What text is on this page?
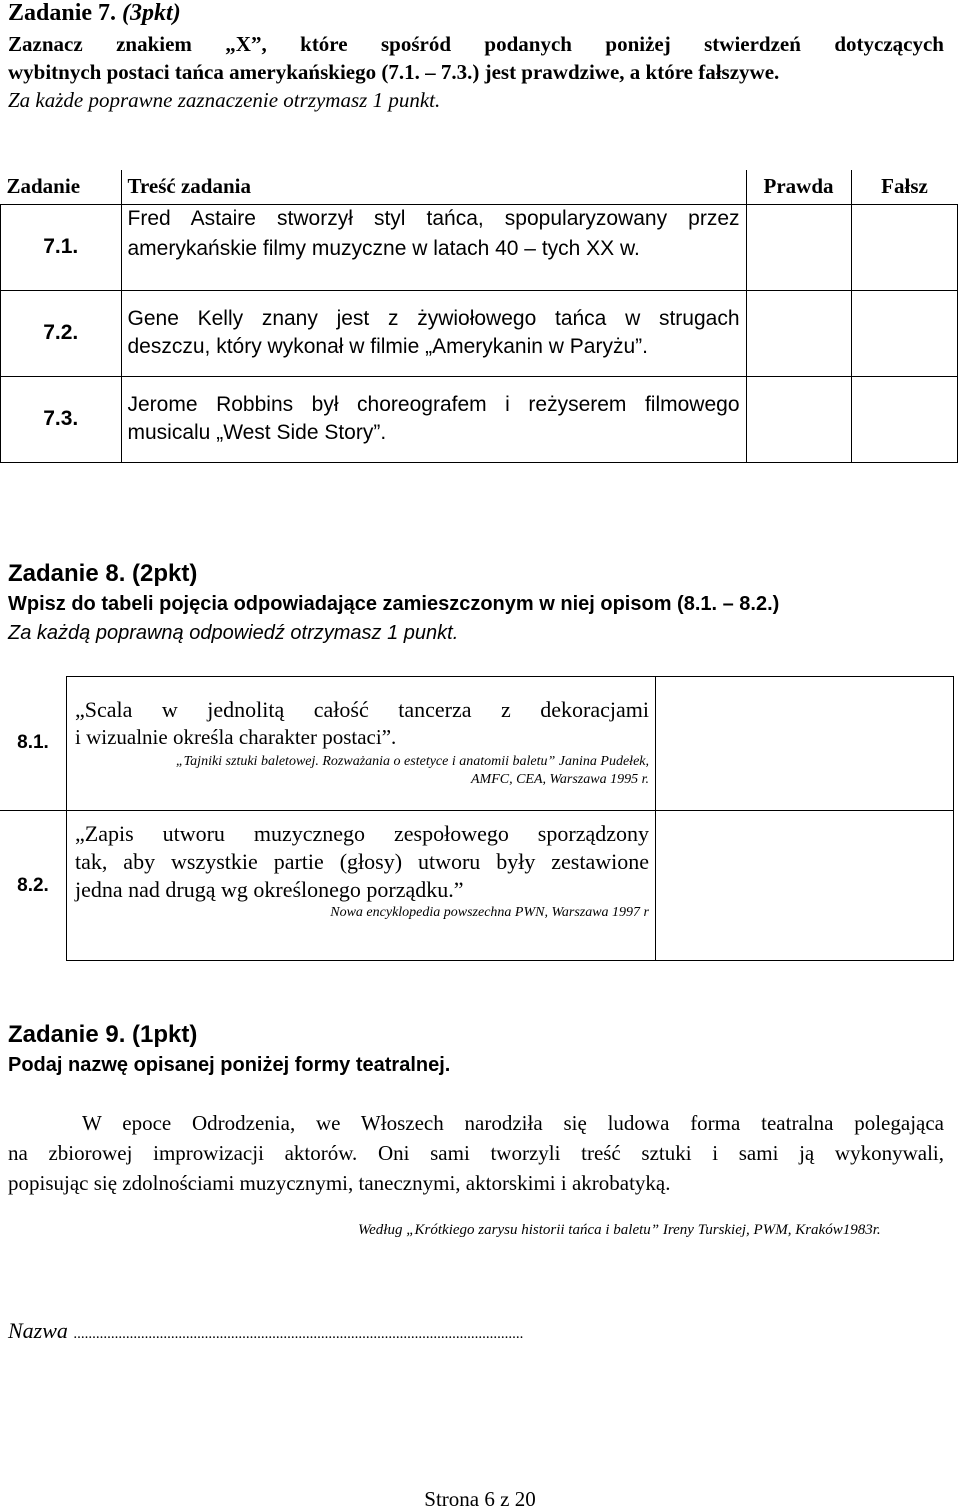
Zadanie 7. (3pkt)
Zaznacz znakiem „X”, które spośród podanych poniżej stwierdzeń dotyczących
wybitnych postaci tańca amerykańskiego (7.1. – 7.3.) jest prawdziwe, a które fałszywe.
Za każde poprawne zaznaczenie otrzymasz 1 punkt.
Zadanie	Treść zadania	Prawda	Fałsz
7.1.	Fred Astaire stworzył styl tańca, spopularyzowany przez
amerykańskie filmy muzyczne w latach 40 – tych XX w.		

7.2.	Gene Kelly znany jest z żywiołowego tańca w strugach
deszczu, który wykonał w filmie „Amerykanin w Paryżu”.		

7.3.	Jerome Robbins był choreografem i reżyserem filmowego
musicalu „West Side Story”.		

Zadanie 8. (2pkt)
Wpisz do tabeli pojęcia odpowiadające zamieszczonym w niej opisom (8.1. – 8.2.)
Za każdą poprawną odpowiedź otrzymasz 1 punkt.
8.1.	„Scala w jednolitą całość tancerza z dekoracjami
i wizualnie określa charakter postaci”.
„Tajniki sztuki baletowej. Rozważania o estetyce i anatomii baletu” Janina Pudełek,
AMFC, CEA, Warszawa 1995 r.	

8.2.	„Zapis utworu muzycznego zespołowego sporządzony
tak, aby wszystkie partie (głosy) utworu były zestawione
jedna nad drugą wg określonego porządku.”
Nowa encyklopedia powszechna PWN, Warszawa 1997 r	

Zadanie 9. (1pkt)
Podaj nazwę opisanej poniżej formy teatralnej.
W epoce Odrodzenia, we Włoszech narodziła się ludowa forma teatralna polegająca
na zbiorowej improwizacji aktorów. Oni sami tworzyli treść sztuki i sami ją wykonywali,
popisując się zdolnościami muzycznymi, tanecznymi, aktorskimi i akrobatyką.
Według „Krótkiego zarysu historii tańca i baletu” Ireny Turskiej, PWM, Kraków1983r.
Nazwa ........................................................................................................................
Strona 6 z 20
